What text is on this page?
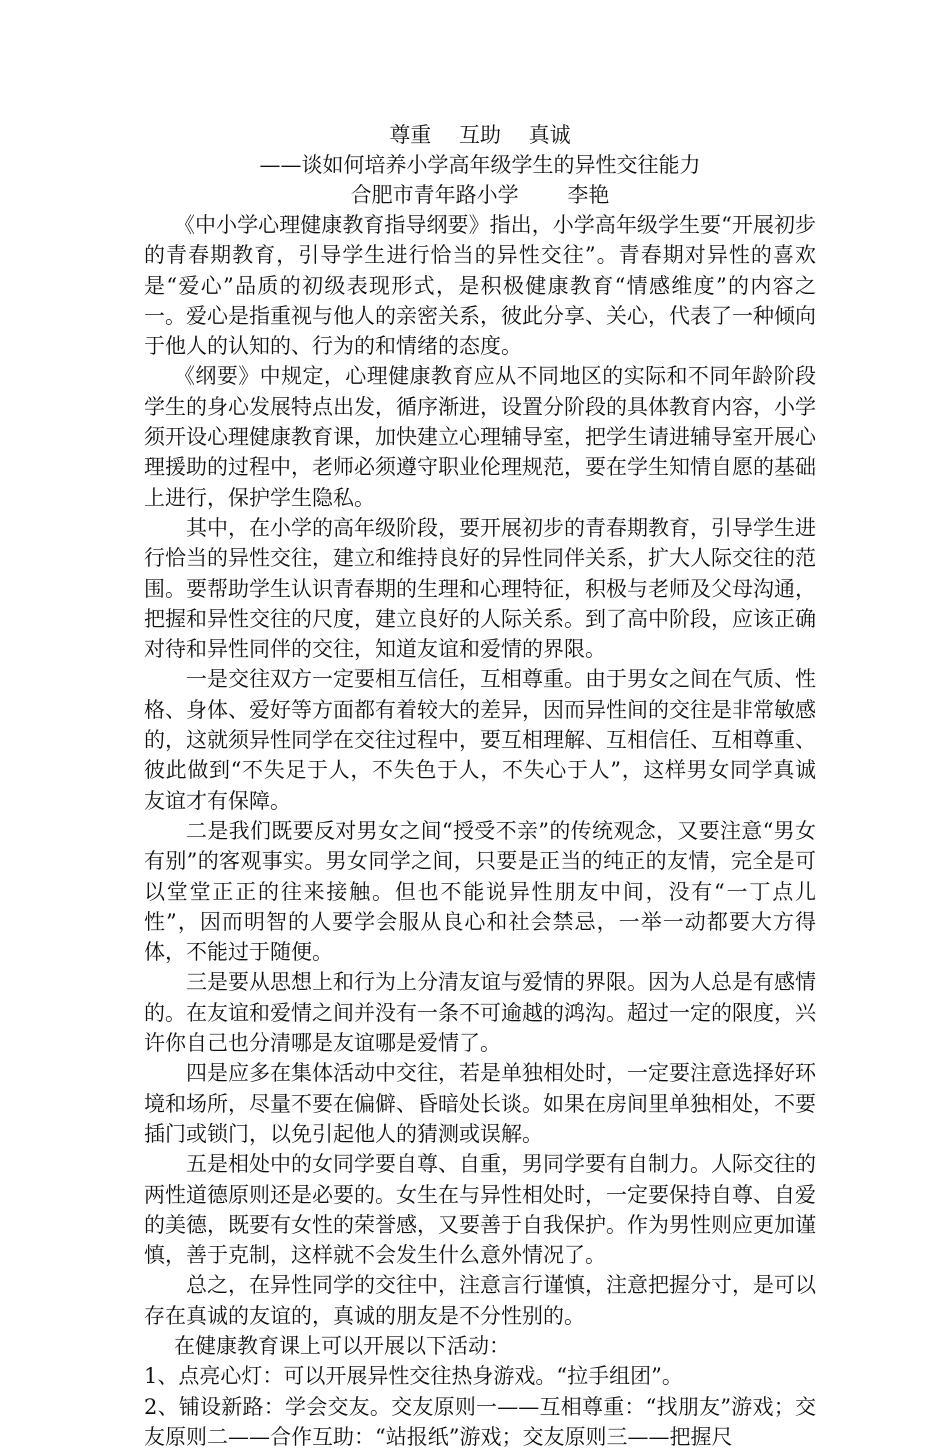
尊重　 互助　 真诚
——谈如何培养小学高年级学生的异性交往能力
合肥市青年路小学　　 李艳

《中小学心理健康教育指导纲要》指出，小学高年级学生要“开展初步的青春期教育，引导学生进行恰当的异性交往”。青春期对异性的喜欢是“爱心”品质的初级表现形式，是积极健康教育“情感维度”的内容之一。爱心是指重视与他人的亲密关系，彼此分享、关心，代表了一种倾向于他人的认知的、行为的和情绪的态度。

《纲要》中规定，心理健康教育应从不同地区的实际和不同年龄阶段学生的身心发展特点出发，循序渐进，设置分阶段的具体教育内容，小学须开设心理健康教育课，加快建立心理辅导室，把学生请进辅导室开展心理援助的过程中，老师必须遵守职业伦理规范，要在学生知情自愿的基础上进行，保护学生隐私。

其中，在小学的高年级阶段，要开展初步的青春期教育，引导学生进行恰当的异性交往，建立和维持良好的异性同伴关系，扩大人际交往的范围。要帮助学生认识青春期的生理和心理特征，积极与老师及父母沟通，把握和异性交往的尺度，建立良好的人际关系。到了高中阶段，应该正确对待和异性同伴的交往，知道友谊和爱情的界限。

一是交往双方一定要相互信任，互相尊重。由于男女之间在气质、性格、身体、爱好等方面都有着较大的差异，因而异性间的交往是非常敏感的，这就须异性同学在交往过程中，要互相理解、互相信任、互相尊重、彼此做到“不失足于人，不失色于人，不失心于人”，这样男女同学真诚友谊才有保障。

二是我们既要反对男女之间“授受不亲”的传统观念，又要注意“男女有别”的客观事实。男女同学之间，只要是正当的纯正的友情，完全是可以堂堂正正的往来接触。但也不能说异性朋友中间，没有“一丁点儿性”，因而明智的人要学会服从良心和社会禁忌，一举一动都要大方得体，不能过于随便。

三是要从思想上和行为上分清友谊与爱情的界限。因为人总是有感情的。在友谊和爱情之间并没有一条不可逾越的鸿沟。超过一定的限度，兴许你自己也分清哪是友谊哪是爱情了。

四是应多在集体活动中交往，若是单独相处时，一定要注意选择好环境和场所，尽量不要在偏僻、昏暗处长谈。如果在房间里单独相处，不要插门或锁门，以免引起他人的猜测或误解。

五是相处中的女同学要自尊、自重，男同学要有自制力。人际交往的两性道德原则还是必要的。女生在与异性相处时，一定要保持自尊、自爱的美德，既要有女性的荣誉感，又要善于自我保护。作为男性则应更加谨慎，善于克制，这样就不会发生什么意外情况了。

总之，在异性同学的交往中，注意言行谨慎，注意把握分寸，是可以存在真诚的友谊的，真诚的朋友是不分性别的。

在健康教育课上可以开展以下活动：

1、点亮心灯：可以开展异性交往热身游戏。“拉手组团”。

2、铺设新路：学会交友。交友原则一——互相尊重：“找朋友”游戏；交友原则二——合作互助：“站报纸”游戏；交友原则三——把握尺
